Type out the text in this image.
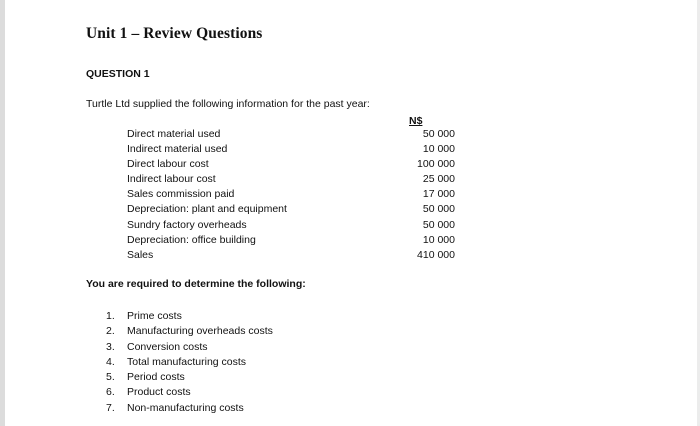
Unit 1 – Review Questions
QUESTION 1
Turtle Ltd supplied the following information for the past year:
N$
Direct material used
Indirect material used
Direct labour cost
Indirect labour cost
Sales commission paid
Depreciation: plant and equipment
Sundry factory overheads
Depreciation: office building
Sales
50 000
10 000
100 000
25 000
17 000
50 000
50 000
10 000
410 000
You are required to determine the following:
1. Prime costs
2. Manufacturing overheads costs
3. Conversion costs
4. Total manufacturing costs
5. Period costs
6. Product costs
7. Non-manufacturing costs
